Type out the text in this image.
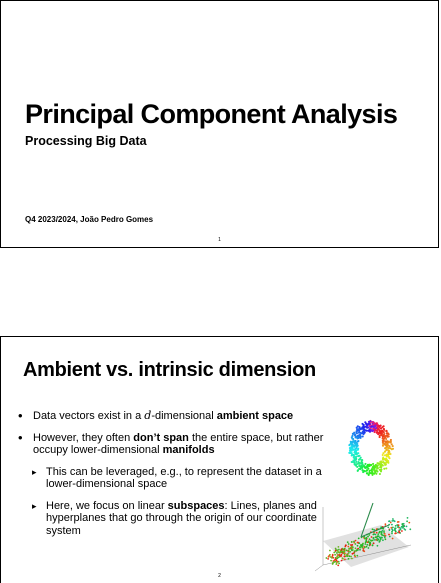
Principal Component Analysis
Processing Big Data
Q4 2023/2024, João Pedro Gomes
1
Ambient vs. intrinsic dimension
• Data vectors exist in a d-dimensional ambient space
• However, they often don’t span the entire space, but rather occupy lower-dimensional manifolds
▸ This can be leveraged, e.g., to represent the dataset in a lower-dimensional space
▸ Here, we focus on linear subspaces: Lines, planes and hyperplanes that go through the origin of our coordinate system
2
